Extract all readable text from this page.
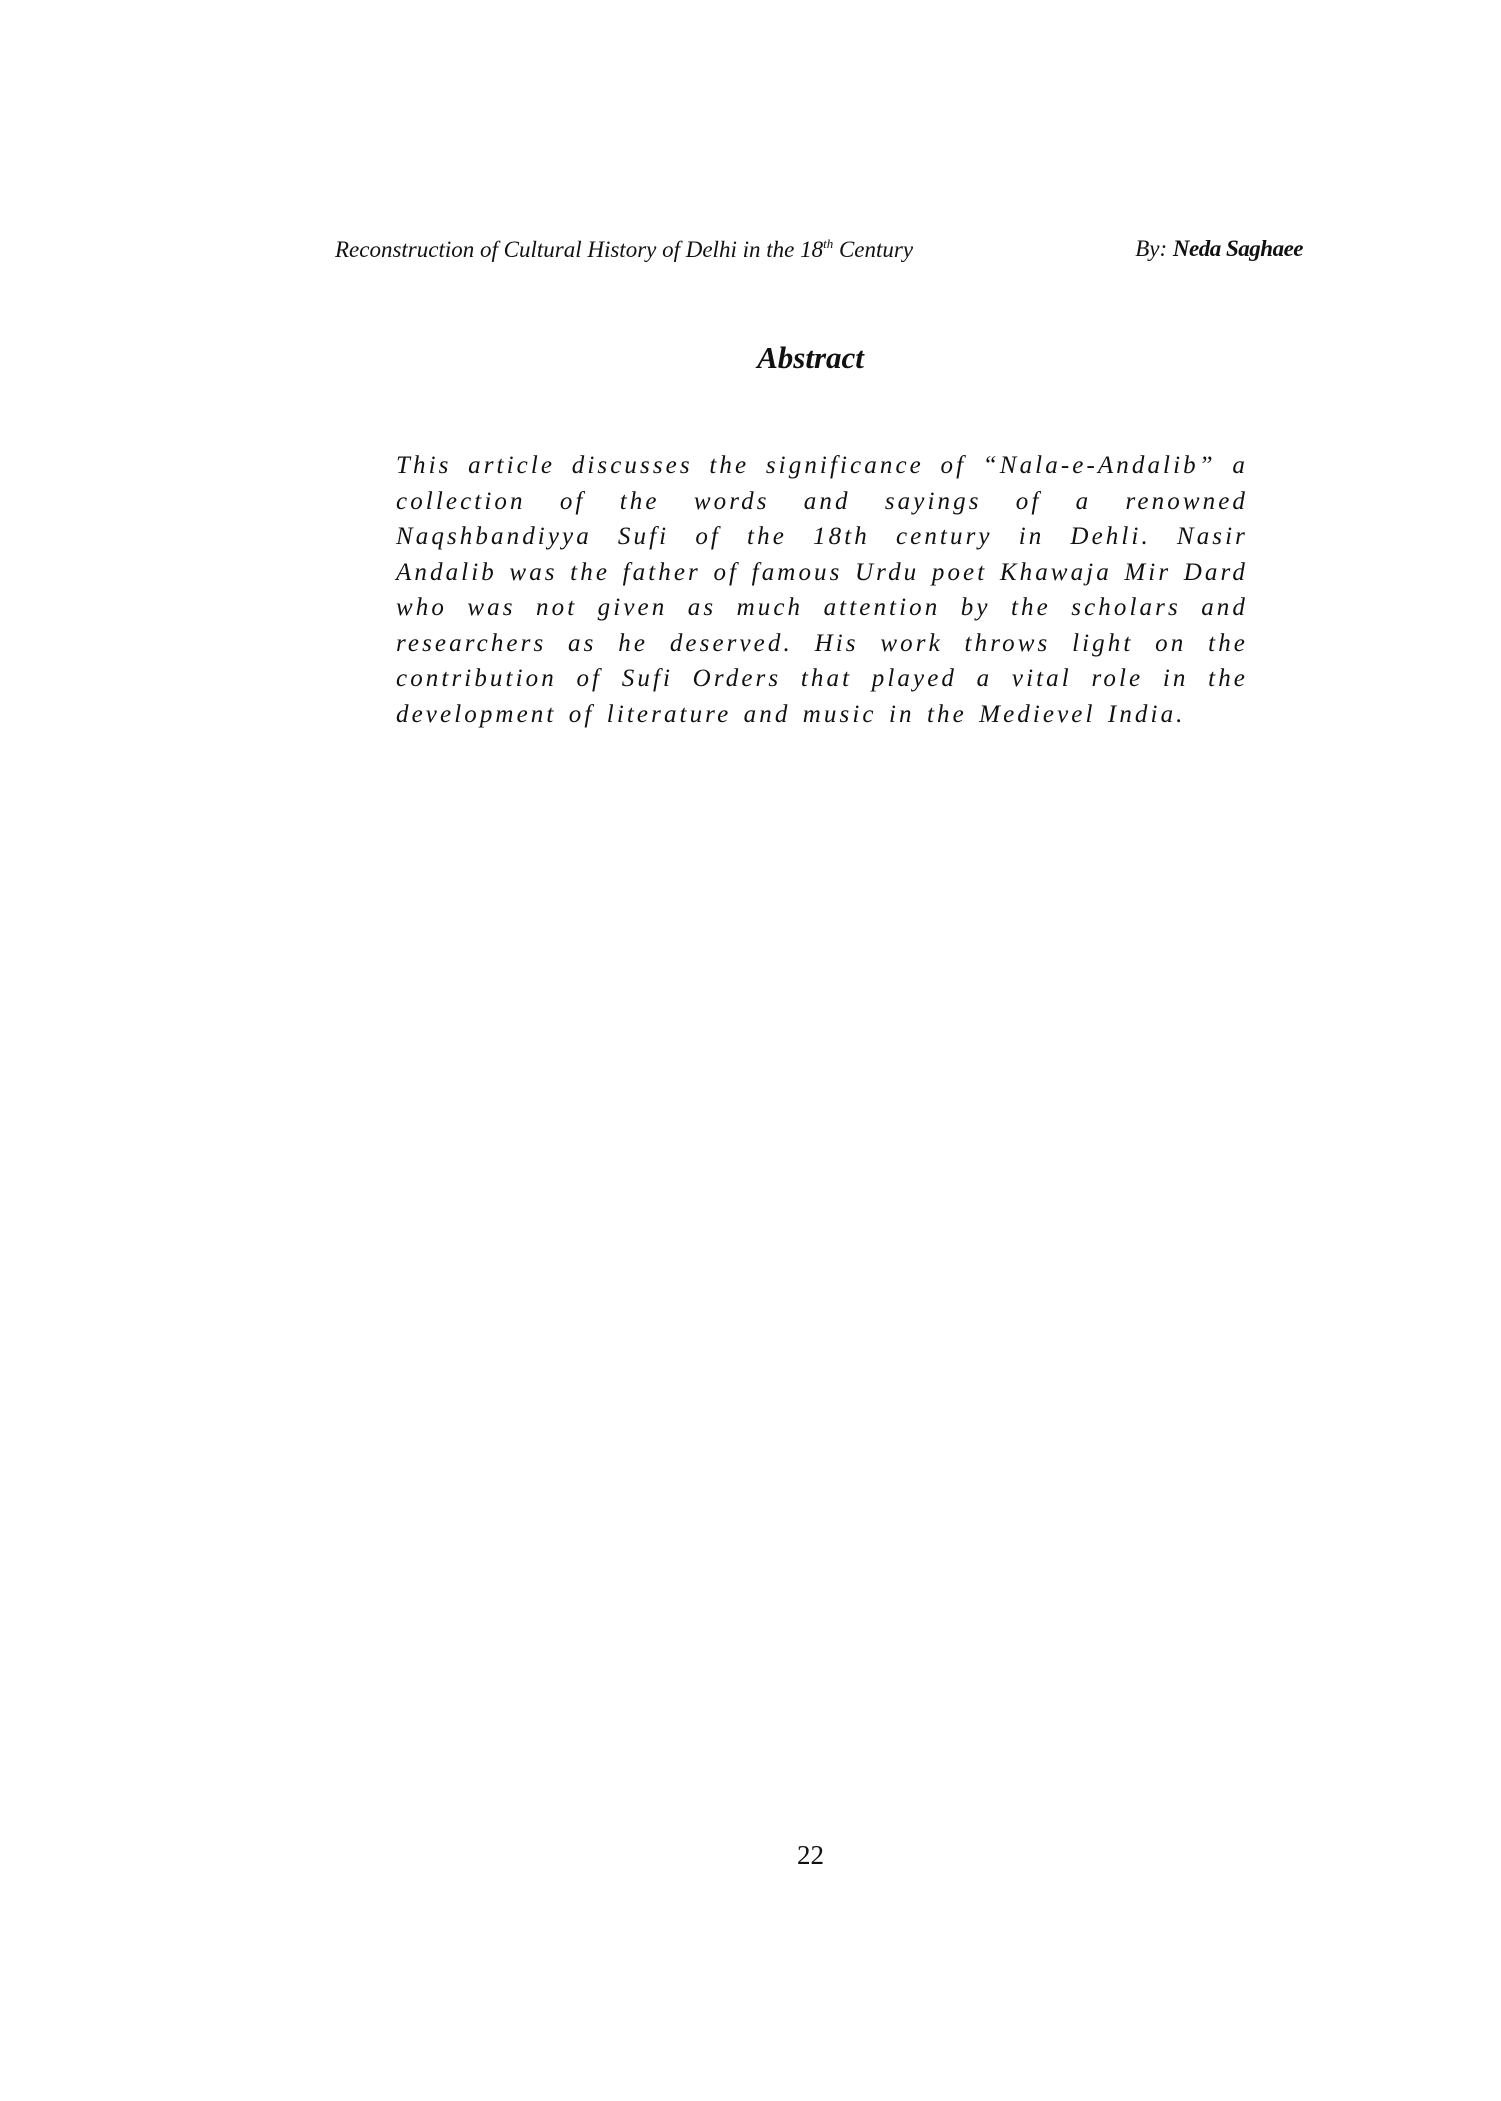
Reconstruction of Cultural History of Delhi in the 18th Century	By: Neda Saghaee
Abstract

This article discusses the significance of “Nala-e-Andalib” a collection of the words and sayings of a renowned Naqshbandiyya Sufi of the 18th century in Dehli. Nasir Andalib was the father of famous Urdu poet Khawaja Mir Dard who was not given as much attention by the scholars and researchers as he deserved. His work throws light on the contribution of Sufi Orders that played a vital role in the development of literature and music in the Medievel India.

22
